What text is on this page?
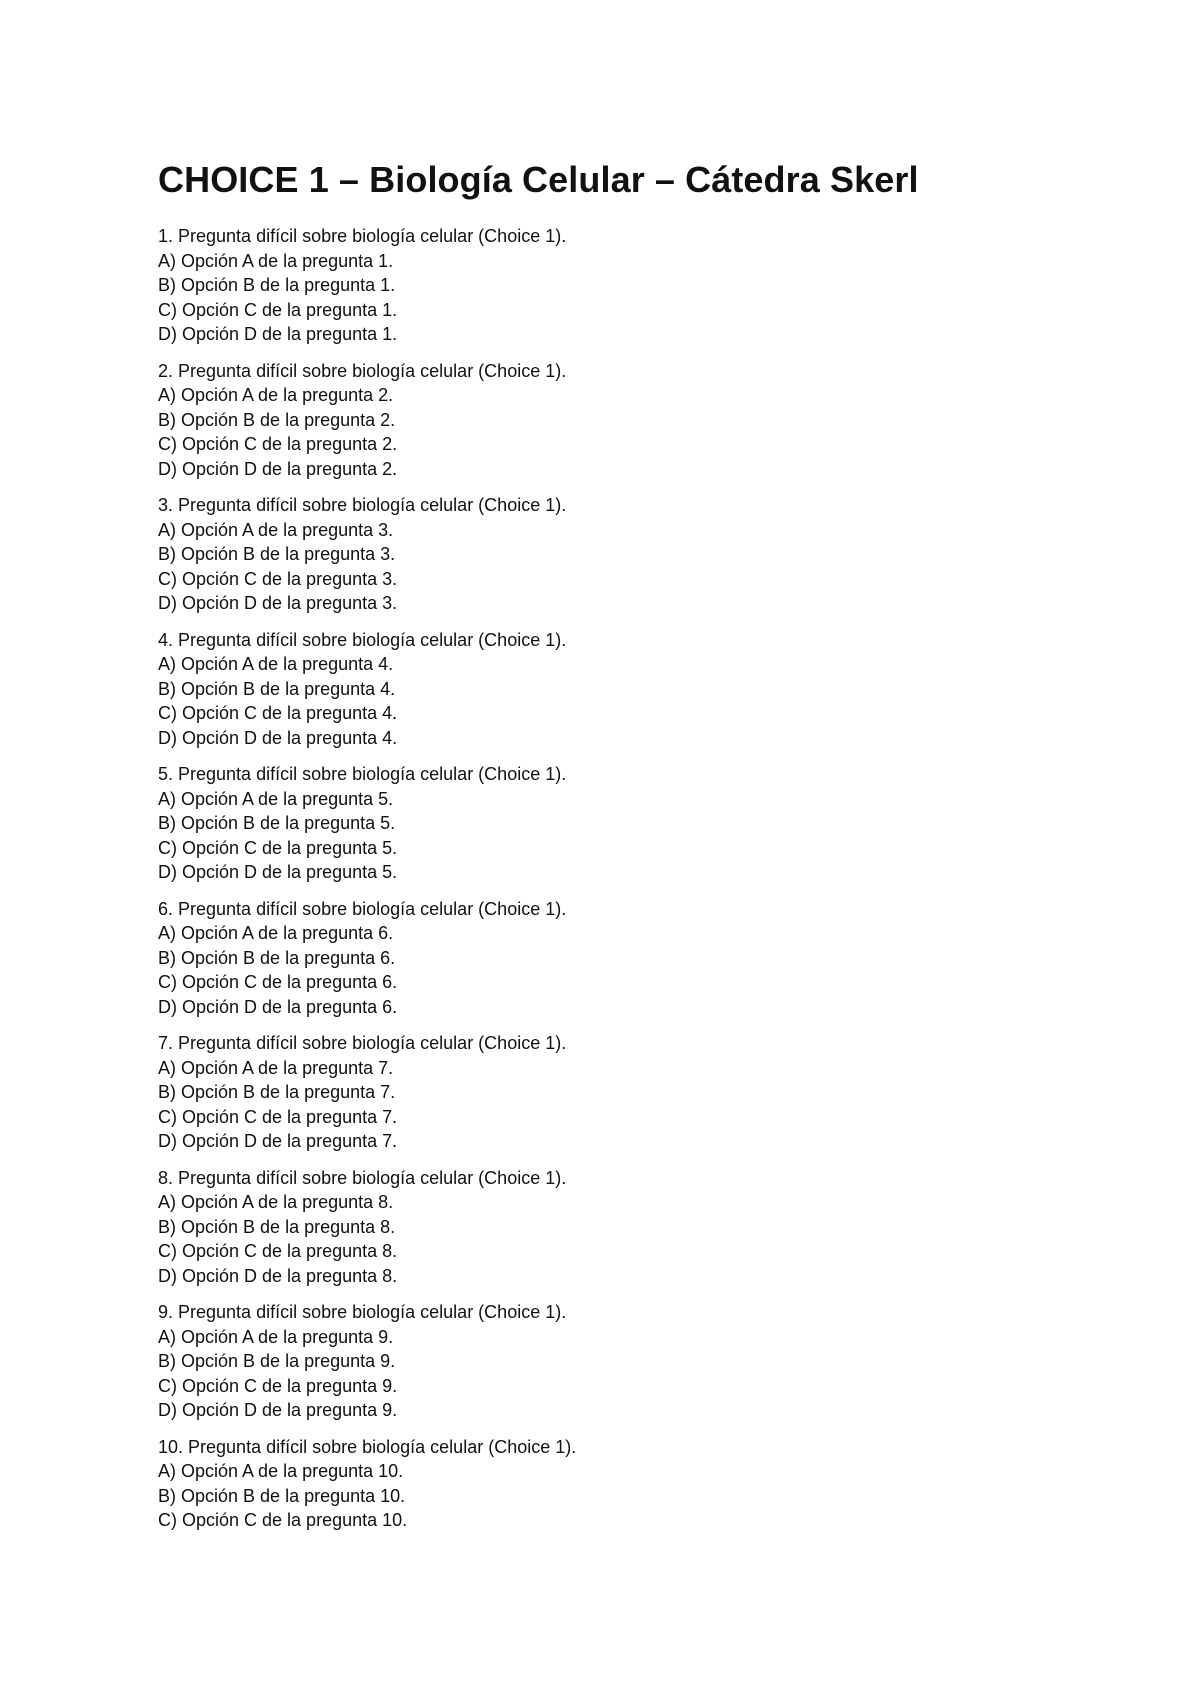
CHOICE 1 – Biología Celular – Cátedra Skerl
1. Pregunta difícil sobre biología celular (Choice 1).
A) Opción A de la pregunta 1.
B) Opción B de la pregunta 1.
C) Opción C de la pregunta 1.
D) Opción D de la pregunta 1.
2. Pregunta difícil sobre biología celular (Choice 1).
A) Opción A de la pregunta 2.
B) Opción B de la pregunta 2.
C) Opción C de la pregunta 2.
D) Opción D de la pregunta 2.
3. Pregunta difícil sobre biología celular (Choice 1).
A) Opción A de la pregunta 3.
B) Opción B de la pregunta 3.
C) Opción C de la pregunta 3.
D) Opción D de la pregunta 3.
4. Pregunta difícil sobre biología celular (Choice 1).
A) Opción A de la pregunta 4.
B) Opción B de la pregunta 4.
C) Opción C de la pregunta 4.
D) Opción D de la pregunta 4.
5. Pregunta difícil sobre biología celular (Choice 1).
A) Opción A de la pregunta 5.
B) Opción B de la pregunta 5.
C) Opción C de la pregunta 5.
D) Opción D de la pregunta 5.
6. Pregunta difícil sobre biología celular (Choice 1).
A) Opción A de la pregunta 6.
B) Opción B de la pregunta 6.
C) Opción C de la pregunta 6.
D) Opción D de la pregunta 6.
7. Pregunta difícil sobre biología celular (Choice 1).
A) Opción A de la pregunta 7.
B) Opción B de la pregunta 7.
C) Opción C de la pregunta 7.
D) Opción D de la pregunta 7.
8. Pregunta difícil sobre biología celular (Choice 1).
A) Opción A de la pregunta 8.
B) Opción B de la pregunta 8.
C) Opción C de la pregunta 8.
D) Opción D de la pregunta 8.
9. Pregunta difícil sobre biología celular (Choice 1).
A) Opción A de la pregunta 9.
B) Opción B de la pregunta 9.
C) Opción C de la pregunta 9.
D) Opción D de la pregunta 9.
10. Pregunta difícil sobre biología celular (Choice 1).
A) Opción A de la pregunta 10.
B) Opción B de la pregunta 10.
C) Opción C de la pregunta 10.
